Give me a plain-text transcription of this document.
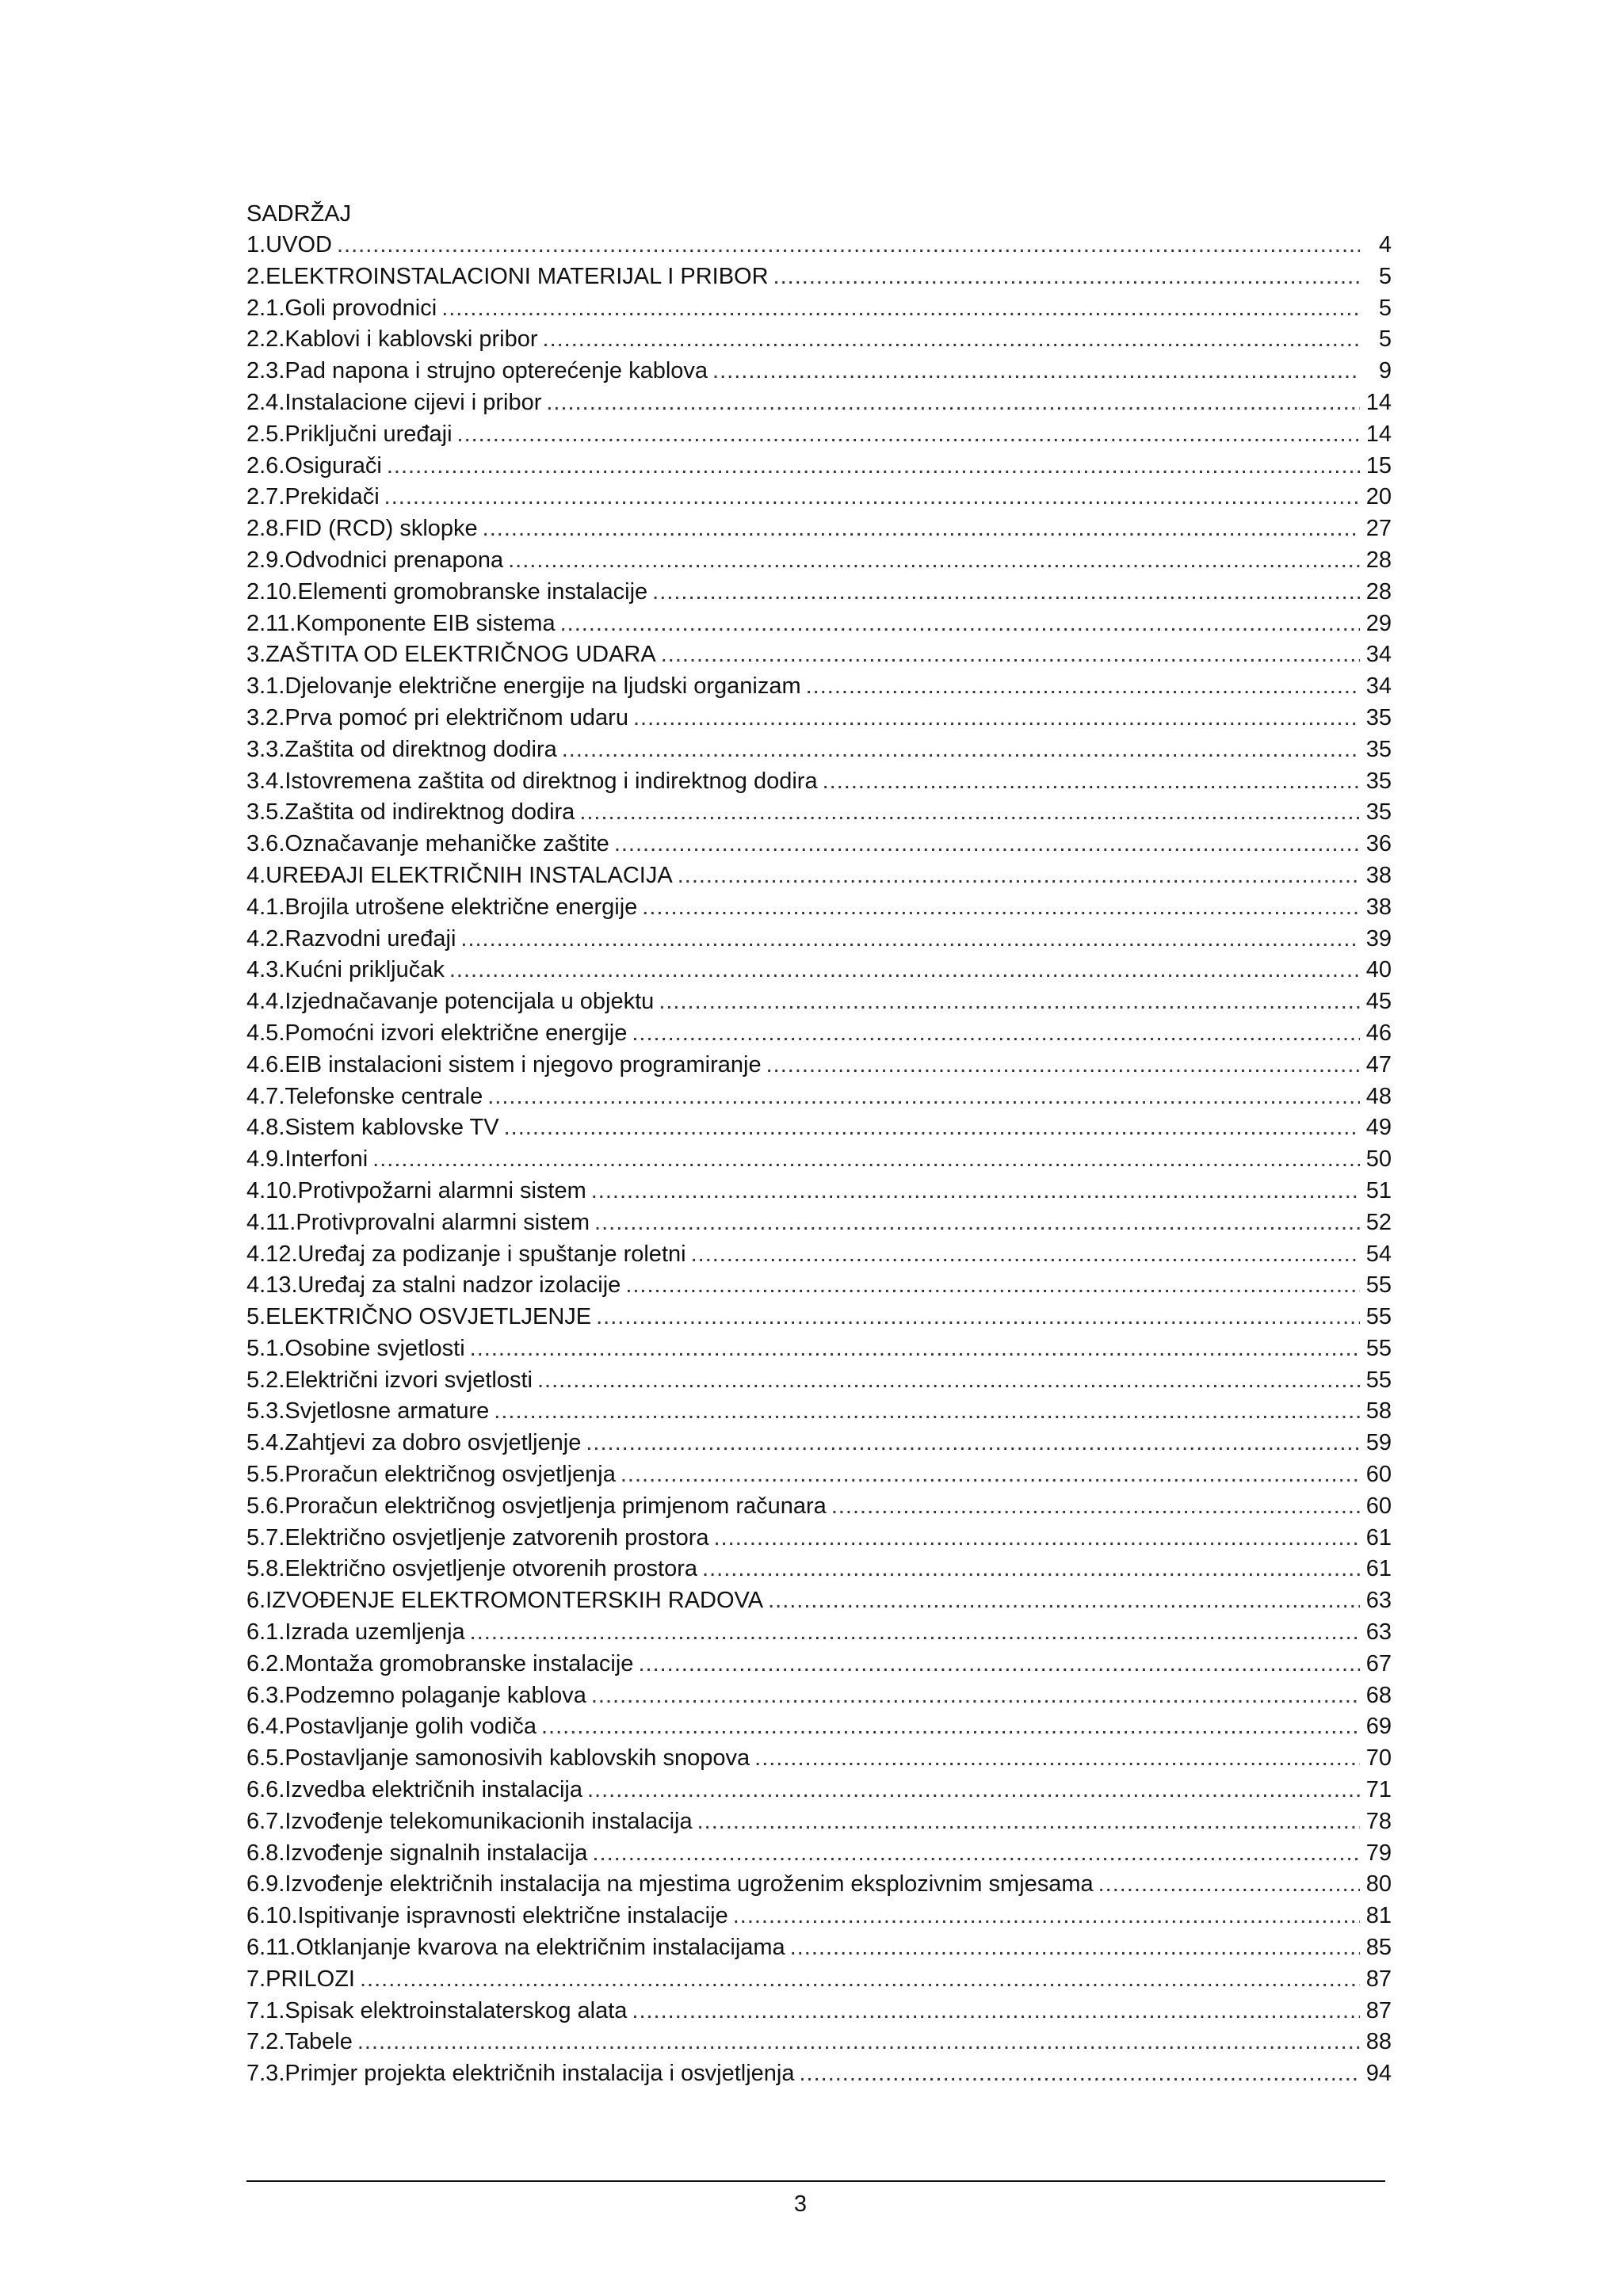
SADRŽAJ
1.UVOD .....	4
2.ELEKTROINSTALACIONI MATERIJAL I PRIBOR .....	5
2.1.Goli provodnici .....	5
2.2.Kablovi i kablovski pribor .....	5
2.3.Pad napona i strujno opterećenje kablova .....	9
2.4.Instalacione cijevi i pribor .....	14
2.5.Priključni uređaji .....	14
2.6.Osigurači .....	15
2.7.Prekidači .....	20
2.8.FID (RCD) sklopke .....	27
2.9.Odvodnici prenapona .....	28
2.10.Elementi gromobranske instalacije .....	28
2.11.Komponente EIB sistema .....	29
3.ZAŠTITA OD ELEKTRIČNOG UDARA .....	34
3.1.Djelovanje električne energije na ljudski organizam .....	34
3.2.Prva pomoć pri električnom udaru .....	35
3.3.Zaštita od direktnog dodira .....	35
3.4.Istovremena zaštita od direktnog i indirektnog dodira .....	35
3.5.Zaštita od indirektnog dodira .....	35
3.6.Označavanje mehaničke zaštite .....	36
4.UREĐAJI ELEKTRIČNIH INSTALACIJA .....	38
4.1.Brojila utrošene električne energije .....	38
4.2.Razvodni uređaji .....	39
4.3.Kućni priključak .....	40
4.4.Izjednačavanje potencijala u objektu .....	45
4.5.Pomoćni izvori električne energije .....	46
4.6.EIB instalacioni sistem i njegovo programiranje .....	47
4.7.Telefonske centrale .....	48
4.8.Sistem kablovske TV .....	49
4.9.Interfoni .....	50
4.10.Protivpožarni alarmni sistem .....	51
4.11.Protivprovalni alarmni sistem .....	52
4.12.Uređaj za podizanje i spuštanje roletni .....	54
4.13.Uređaj za stalni nadzor izolacije .....	55
5.ELEKTRIČNO OSVJETLJENJE .....	55
5.1.Osobine svjetlosti .....	55
5.2.Električni izvori svjetlosti .....	55
5.3.Svjetlosne armature .....	58
5.4.Zahtjevi za dobro osvjetljenje .....	59
5.5.Proračun električnog osvjetljenja .....	60
5.6.Proračun električnog osvjetljenja primjenom računara .....	60
5.7.Električno osvjetljenje zatvorenih prostora .....	61
5.8.Električno osvjetljenje otvorenih prostora .....	61
6.IZVOĐENJE ELEKTROMONTERSKIH RADOVA .....	63
6.1.Izrada uzemljenja .....	63
6.2.Montaža gromobranske instalacije .....	67
6.3.Podzemno polaganje kablova .....	68
6.4.Postavljanje golih vodiča .....	69
6.5.Postavljanje samonosivih kablovskih snopova .....	70
6.6.Izvedba električnih instalacija .....	71
6.7.Izvođenje telekomunikacionih instalacija .....	78
6.8.Izvođenje signalnih instalacija .....	79
6.9.Izvođenje električnih instalacija na mjestima ugroženim eksplozivnim smjesama .....	80
6.10.Ispitivanje ispravnosti električne instalacije .....	81
6.11.Otklanjanje kvarova na električnim instalacijama .....	85
7.PRILOZI .....	87
7.1.Spisak elektroinstalaterskog alata .....	87
7.2.Tabele .....	88
7.3.Primjer projekta električnih instalacija i osvjetljenja .....	94
3
